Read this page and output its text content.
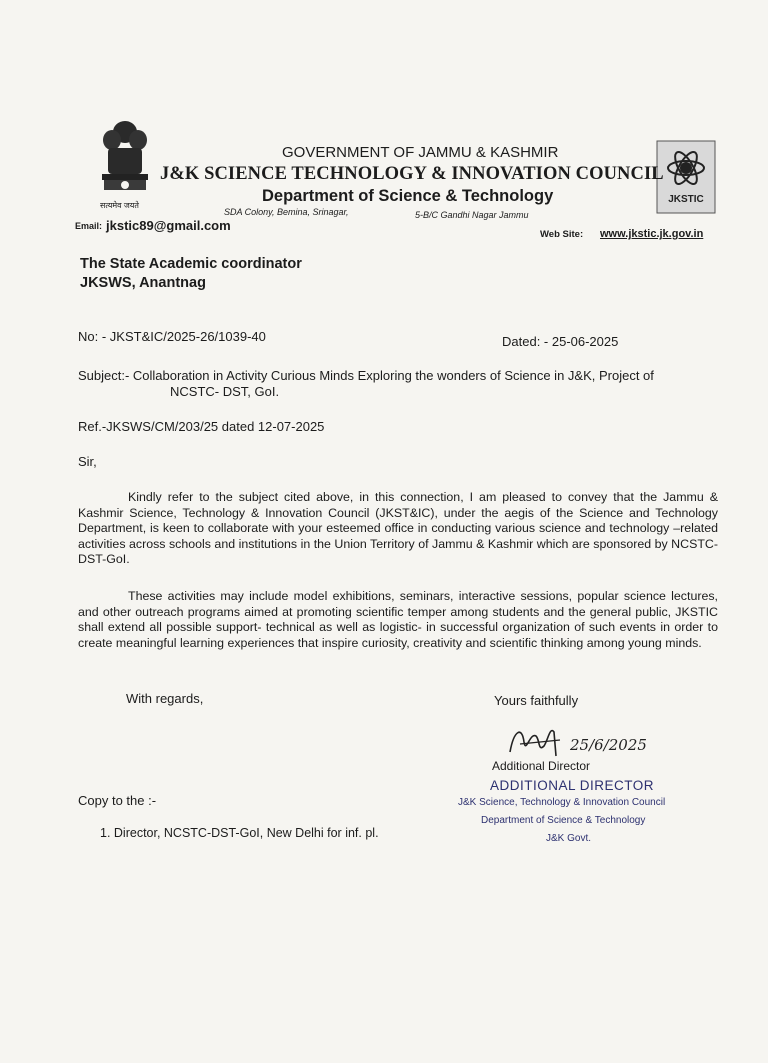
सत्यमेव जयते

JKSTIC

GOVERNMENT OF JAMMU & KASHMIR

J&K SCIENCE TECHNOLOGY & INNOVATION COUNCIL

Department of Science & Technology

SDA Colony, Bemina, Srinagar,	5-B/C Gandhi Nagar Jammu

Email: jkstic89@gmail.com

Web Site: www.jkstic.jk.gov.in

The State Academic coordinator

JKSWS, Anantnag

No: - JKST&IC/2025-26/1039-40	Dated: - 25-06-2025

Subject:- Collaboration in Activity Curious Minds Exploring the wonders of Science in J&K, Project of

NCSTC- DST, GoI.

Ref.-JKSWS/CM/203/25 dated 12-07-2025

Sir,

Kindly refer to the subject cited above, in this connection, I am pleased to convey that the Jammu & Kashmir Science, Technology & Innovation Council (JKST&IC), under the aegis of the Science and Technology Department, is keen to collaborate with your esteemed office in conducting various science and technology –related activities across schools and institutions in the Union Territory of Jammu & Kashmir which are sponsored by NCSTC-DST-GoI.

These activities may include model exhibitions, seminars, interactive sessions, popular science lectures, and other outreach programs aimed at promoting scientific temper among students and the general public, JKSTIC shall extend all possible support- technical as well as logistic- in successful organization of such events in order to create meaningful learning experiences that inspire curiosity, creativity and scientific thinking among young minds.

With regards,	Yours faithfully

25/6/2025

Additional Director

ADDITIONAL DIRECTOR

J&K Science, Technology & Innovation Council

Department of Science & Technology

J&K Govt.

Copy to the :-

1. Director, NCSTC-DST-GoI, New Delhi for inf. pl.
